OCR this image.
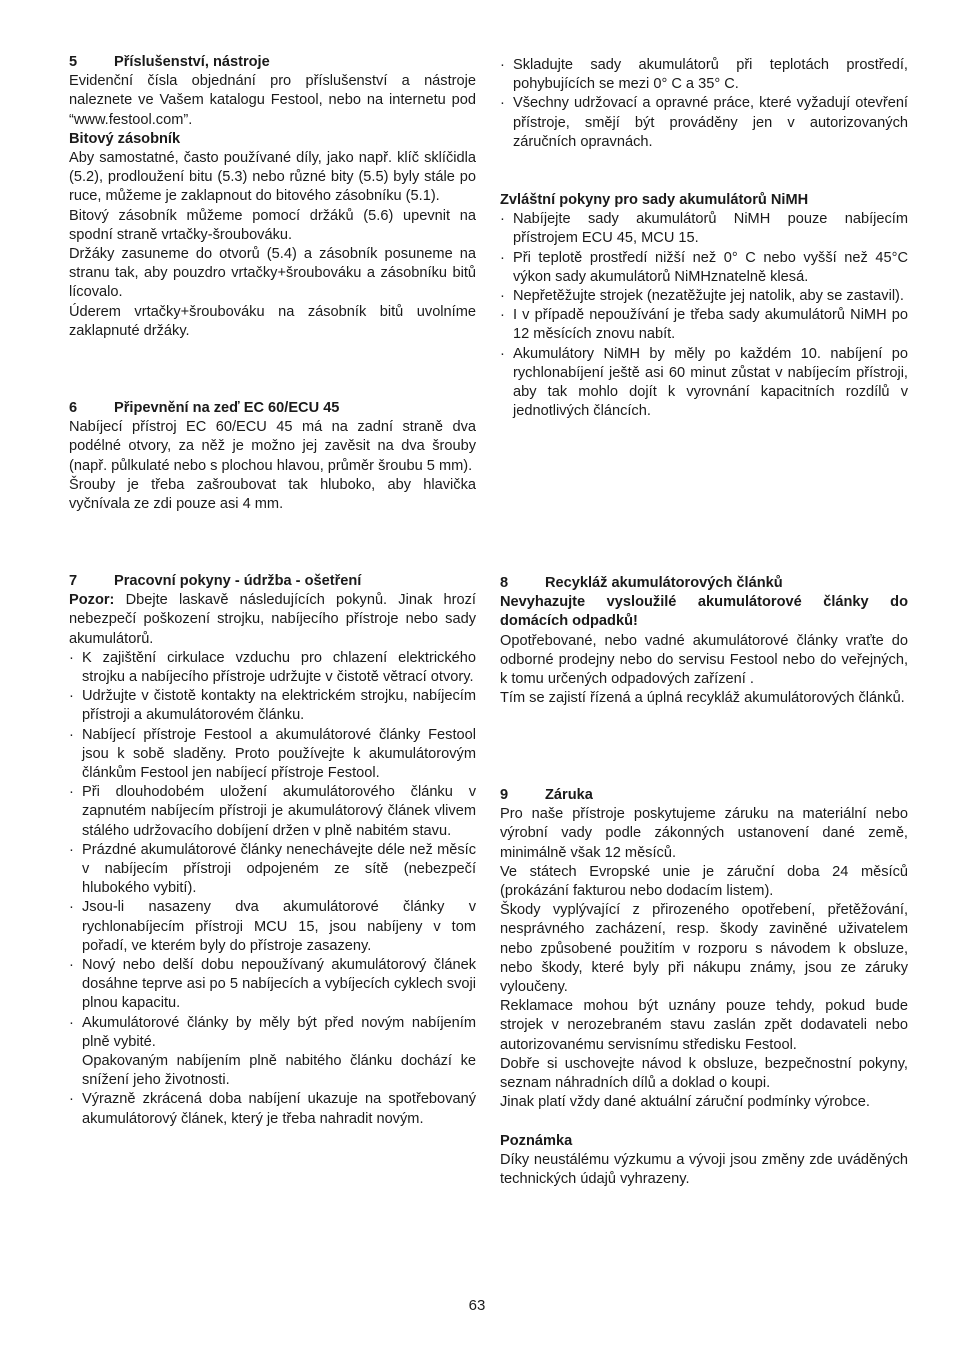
5	Příslušenství, nástroje

Evidenční čísla objednání pro příslušenství a nástroje naleznete ve Vašem katalogu Festool, nebo na internetu pod “www.festool.com”.

Bitový zásobník

Aby samostatné, často používané díly, jako např. klíč sklíčidla (5.2), prodloužení bitu (5.3) nebo různé bity (5.5) byly stále po ruce, můžeme je zaklapnout do bitového zásobníku (5.1).

Bitový zásobník můžeme pomocí držáků (5.6) upevnit na spodní straně vrtačky-šroubováku.

Držáky zasuneme do otvorů (5.4) a zásobník posuneme na stranu tak, aby pouzdro vrtačky+šroubováku a zásobníku bitů lícovalo.

Úderem vrtačky+šroubováku na zásobník bitů uvolníme zaklapnuté držáky.

6	Připevnění na zeď EC 60/ECU 45

Nabíjecí přístroj EC 60/ECU 45 má na zadní straně dva podélné otvory, za něž je možno jej zavěsit na dva šrouby (např. půlkulaté nebo s plochou hlavou, průměr šroubu 5 mm).

Šrouby je třeba zašroubovat tak hluboko, aby hlavička vyčnívala ze zdi pouze asi 4 mm.

7	Pracovní pokyny - údržba - ošetření

Pozor: Dbejte laskavě následujících pokynů. Jinak hrozí nebezpečí poškození strojku, nabíjecího přístroje nebo sady akumulátorů.

· K zajištění cirkulace vzduchu pro chlazení elektrického strojku a nabíjecího přístroje udržujte v čistotě větrací otvory.
· Udržujte v čistotě kontakty na elektrickém strojku, nabíjecím přístroji a akumulátorovém článku.
· Nabíjecí přístroje Festool a akumulátorové články Festool jsou k sobě sladěny. Proto používejte k akumulátorovým článkům Festool jen nabíjecí přístroje Festool.
· Při dlouhodobém uložení akumulátorového článku v zapnutém nabíjecím přístroji je akumulátorový článek vlivem stálého udržovacího dobíjení držen v plně nabitém stavu.
· Prázdné akumulátorové články nenechávejte déle než měsíc v nabíjecím přístroji odpojeném ze sítě (nebezpečí hlubokého vybití).
· Jsou-li nasazeny dva akumulátorové články v rychlonabíjecím přístroji MCU 15, jsou nabíjeny v tom pořadí, ve kterém byly do přístroje zasazeny.
· Nový nebo delší dobu nepoužívaný akumulátorový článek dosáhne teprve asi po 5 nabíjecích a vybíjecích cyklech svoji plnou kapacitu.
· Akumulátorové články by měly být před novým nabíjením plně vybité.
Opakovaným nabíjením plně nabitého článku dochází ke snížení jeho životnosti.
· Výrazně zkrácená doba nabíjení ukazuje na spotřebovaný akumulátorový článek, který je třeba nahradit novým.
· Skladujte sady akumulátorů při teplotách prostředí, pohybujících se mezi 0° C a 35° C.
· Všechny udržovací a opravné práce, které vyžadují otevření přístroje, smějí být prováděny jen v autorizovaných záručních opravnách.

Zvláštní pokyny pro sady akumulátorů NiMH

· Nabíjejte sady akumulátorů NiMH pouze nabíjecím přístrojem ECU 45, MCU 15.
· Při teplotě prostředí nižší než 0° C nebo vyšší než 45°C výkon sady akumulátorů NiMHznatelně klesá.
· Nepřetěžujte strojek (nezatěžujte jej natolik, aby se zastavil).
· I v případě nepoužívání je třeba sady akumulátorů NiMH po 12 měsících znovu nabít.
· Akumulátory NiMH by měly po každém 10. nabíjení po rychlonabíjení ještě asi 60 minut zůstat v nabíjecím přístroji, aby tak mohlo dojít k vyrovnání kapacitních rozdílů v jednotlivých článcích.

8	Recykláž akumulátorových článků

Nevyhazujte vysloužilé akumulátorové články do domácích odpadků!

Opotřebované, nebo vadné akumulátorové články vraťte do odborné prodejny nebo do servisu Festool nebo do veřejných, k tomu určených odpadových zařízení .

Tím se zajistí řízená a úplná recykláž akumulátorových článků.

9	Záruka

Pro naše přístroje poskytujeme záruku na materiální nebo výrobní vady podle zákonných ustanovení dané země, minimálně však 12 měsíců.

Ve státech Evropské unie je záruční doba 24 měsíců (prokázání fakturou nebo dodacím listem).

Škody vyplývající z přirozeného opotřebení, přetěžování, nesprávného zacházení, resp. škody zaviněné uživatelem nebo způsobené použitím v rozporu s návodem k obsluze, nebo škody, které byly při nákupu známy, jsou ze záruky vyloučeny.

Reklamace mohou být uznány pouze tehdy, pokud bude strojek v nerozebraném stavu zaslán zpět dodavateli nebo autorizovanému servisnímu středisku Festool.

Dobře si uschovejte návod k obsluze, bezpečnostní pokyny, seznam náhradních dílů a doklad o koupi.

Jinak platí vždy dané aktuální záruční podmínky výrobce.

Poznámka

Díky neustálému výzkumu a vývoji jsou změny zde uváděných technických údajů vyhrazeny.

63
